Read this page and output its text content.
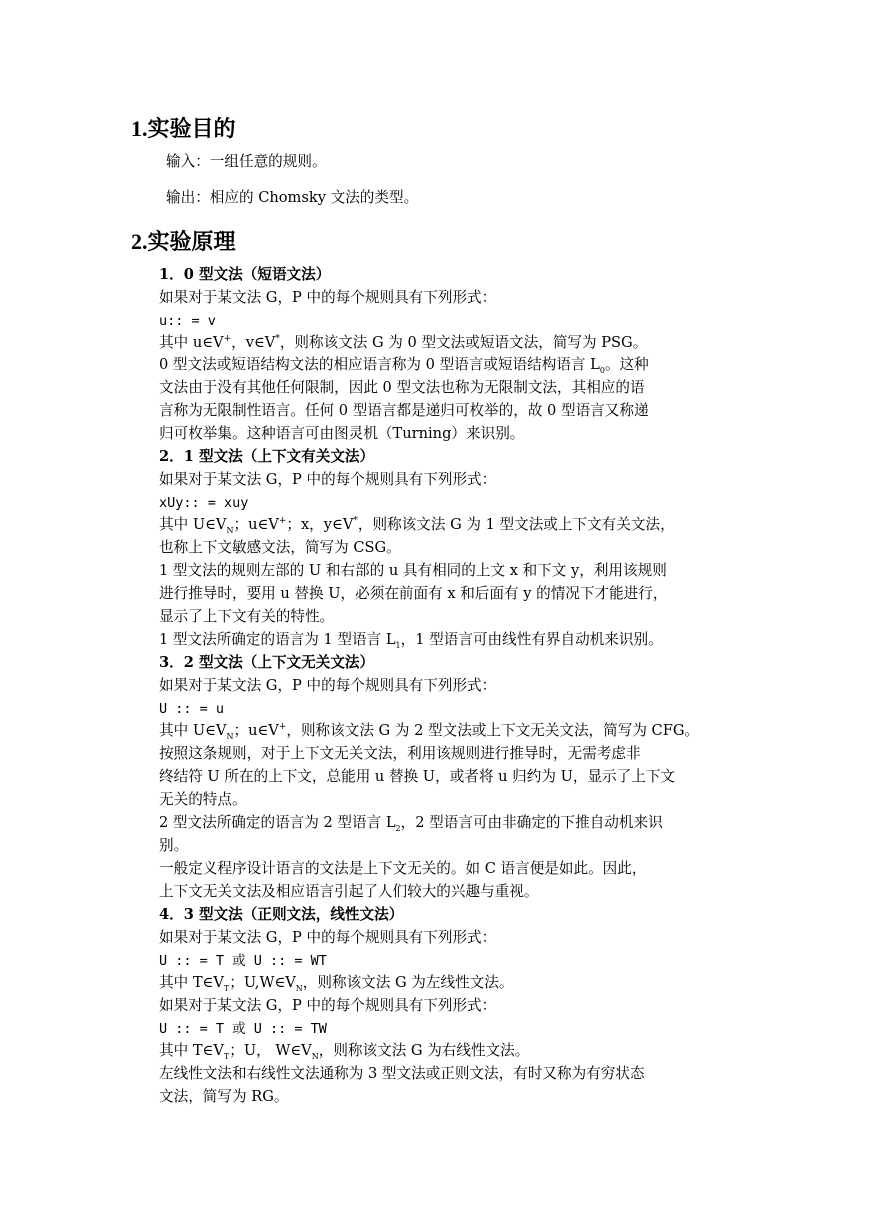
1.实验目的

输入：一组任意的规则。

输出：相应的 Chomsky 文法的类型。

2.实验原理

1．0 型文法（短语文法）

如果对于某文法 G，P 中的每个规则具有下列形式：

u:: = v

其中 u∈V+，v∈V*，则称该文法 G 为 0 型文法或短语文法，简写为 PSG。

0 型文法或短语结构文法的相应语言称为 0 型语言或短语结构语言 $L_0$。这种

文法由于没有其他任何限制，因此 0 型文法也称为无限制文法，其相应的语

言称为无限制性语言。任何 0 型语言都是递归可枚举的，故 0 型语言又称递

归可枚举集。这种语言可由图灵机（Turning）来识别。

2．1 型文法（上下文有关文法）

如果对于某文法 G，P 中的每个规则具有下列形式：

xUy:: = xuy

其中 $U\in V_N$；u∈V+；x，y∈V*，则称该文法 G 为 1 型文法或上下文有关文法，

也称上下文敏感文法，简写为 CSG。

1 型文法的规则左部的 U 和右部的 u 具有相同的上文 x 和下文 y，利用该规则

进行推导时，要用 u 替换 U，必须在前面有 x 和后面有 y 的情况下才能进行，

显示了上下文有关的特性。

1 型文法所确定的语言为 1 型语言 $L_1$，1 型语言可由线性有界自动机来识别。

3．2 型文法（上下文无关文法）

如果对于某文法 G，P 中的每个规则具有下列形式：

U :: = u

其中 $U\in V_N$；u∈V+，则称该文法 G 为 2 型文法或上下文无关文法，简写为 CFG。

按照这条规则，对于上下文无关文法，利用该规则进行推导时，无需考虑非

终结符 U 所在的上下文，总能用 u 替换 U，或者将 u 归约为 U，显示了上下文

无关的特点。

2 型文法所确定的语言为 2 型语言 $L_2$，2 型语言可由非确定的下推自动机来识

别。

一般定义程序设计语言的文法是上下文无关的。如 C 语言便是如此。因此，

上下文无关文法及相应语言引起了人们较大的兴趣与重视。

4．3 型文法（正则文法，线性文法）

如果对于某文法 G，P 中的每个规则具有下列形式：

U :: = T 或 U :: = WT

其中 $T\in V_T$；$U,W\in V_N$，则称该文法 G 为左线性文法。

如果对于某文法 G，P 中的每个规则具有下列形式：

U :: = T 或 U :: = TW

其中 $T\in V_T$；U， $W\in V_N$，则称该文法 G 为右线性文法。

左线性文法和右线性文法通称为 3 型文法或正则文法，有时又称为有穷状态

文法，简写为 RG。
